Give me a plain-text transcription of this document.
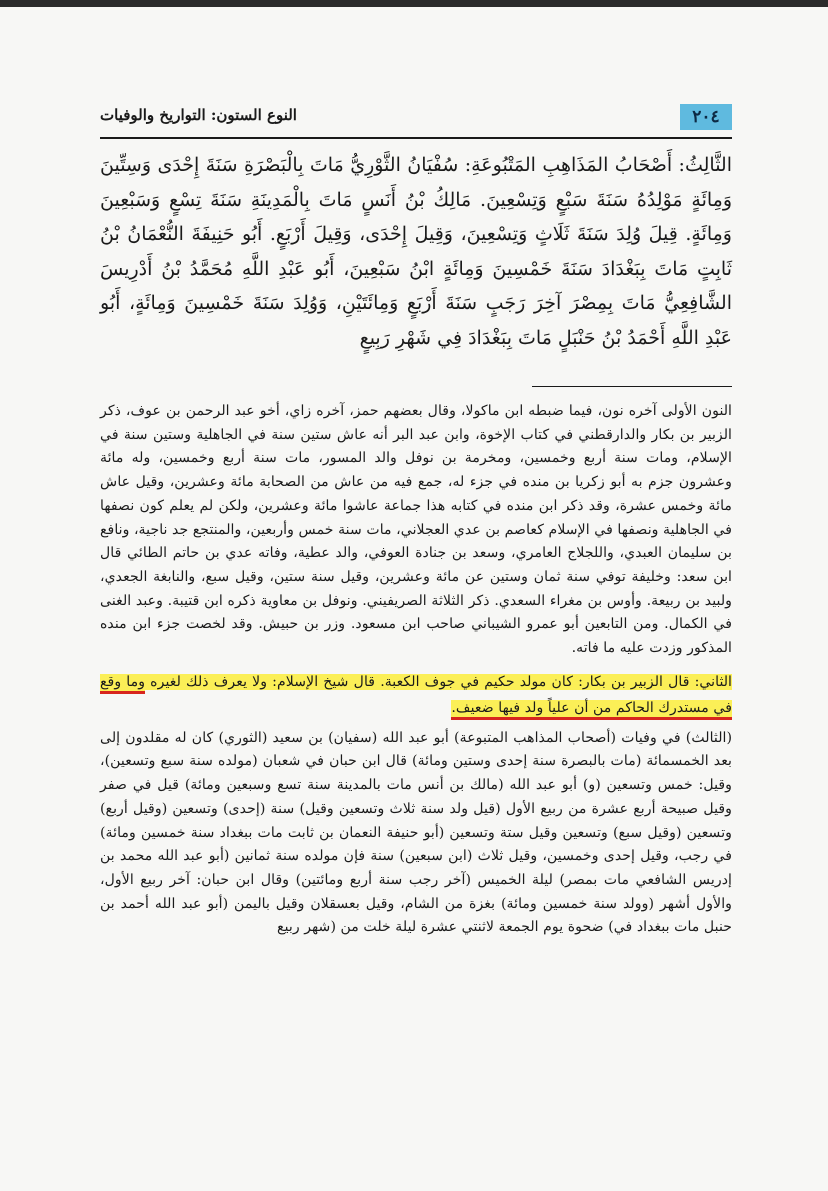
النوع الستون: التواريخ والوفيات	٢٠٤

الثَّالِثُ: أَصْحَابُ المَذَاهِبِ المَتْبُوعَةِ: سُفْيَانُ الثَّوْرِيُّ مَاتَ بِالْبَصْرَةِ سَنَةَ إِحْدَى وَسِتِّينَ وَمِائَةٍ مَوْلِدُهُ سَنَةَ سَبْعٍ وَتِسْعِينَ. مَالِكُ بْنُ أَنَسٍ مَاتَ بِالْمَدِينَةِ سَنَةَ تِسْعٍ وَسَبْعِينَ وَمِائَةٍ. قِيلَ وُلِدَ سَنَةَ ثَلَاثٍ وَتِسْعِينَ، وَقِيلَ إِحْدَى، وَقِيلَ أَرْبَعٍ. أَبُو حَنِيفَةَ النُّعْمَانُ بْنُ ثَابِتٍ مَاتَ بِبَغْدَادَ سَنَةَ خَمْسِينَ وَمِائَةٍ ابْنُ سَبْعِينَ، أَبُو عَبْدِ اللَّهِ مُحَمَّدُ بْنُ أَدْرِيسَ الشَّافِعِيُّ مَاتَ بِمِصْرَ آخِرَ رَجَبٍ سَنَةَ أَرْبَعٍ وَمِائَتَيْنِ، وَوُلِدَ سَنَةَ خَمْسِينَ وَمِائَةٍ، أَبُو عَبْدِ اللَّهِ أَحْمَدُ بْنُ حَنْبَلٍ مَاتَ بِبَغْدَادَ فِي شَهْرِ رَبِيعٍ

النون الأولى آخره نون، فيما ضبطه ابن ماكولا، وقال بعضهم حمز، آخره زاي، أخو عبد الرحمن بن عوف، ذكر الزبير بن بكار والدارقطني في كتاب الإخوة، وابن عبد البر أنه عاش ستين سنة في الجاهلية وستين سنة في الإسلام، ومات سنة أربع وخمسين، ومخرمة بن نوفل والد المسور، مات سنة أربع وخمسين، وله مائة وعشرون جزم به أبو زكريا بن منده في جزء له، جمع فيه من عاش من الصحابة مائة وعشرين، وقيل عاش مائة وخمس عشرة، وقد ذكر ابن منده في كتابه هذا جماعة عاشوا مائة وعشرين، ولكن لم يعلم كون نصفها في الجاهلية ونصفها في الإسلام كعاصم بن عدي العجلاني، مات سنة خمس وأربعين، والمنتجع جد ناجية، ونافع بن سليمان العبدي، واللجلاج العامري، وسعد بن جنادة العوفي، والد عطية، وفاته عدي بن حاتم الطائي قال ابن سعد: وخليفة توفي سنة ثمان وستين عن مائة وعشرين، وقيل سنة ستين، وقيل سبع، والنابغة الجعدي، ولبيد بن ربيعة. وأوس بن مغراء السعدي. ذكر الثلاثة الصريفيني. ونوفل بن معاوية ذكره ابن قتيبة. وعبد الغنى في الكمال. ومن التابعين أبو عمرو الشيباني صاحب ابن مسعود. وزر بن حبيش. وقد لخصت جزء ابن منده المذكور وزدت عليه ما فاته.

الثاني: قال الزبير بن بكار: كان مولد حكيم في جوف الكعبة. قال شيخ الإسلام: ولا يعرف ذلك لغيره وما وقع في مستدرك الحاكم من أن علياً ولد فيها ضعيف.

(الثالث) في وفيات (أصحاب المذاهب المتبوعة) أبو عبد الله (سفيان) بن سعيد (الثوري) كان له مقلدون إلى بعد الخمسمائة (مات بالبصرة سنة إحدى وستين ومائة) قال ابن حبان في شعبان (مولده سنة سبع وتسعين)، وقيل: خمس وتسعين (و) أبو عبد الله (مالك بن أنس مات بالمدينة سنة تسع وسبعين ومائة) قيل في صفر وقيل صبيحة أربع عشرة من ربيع الأول (قيل ولد سنة ثلاث وتسعين وقيل) سنة (إحدى) وتسعين (وقيل أربع) وتسعين (وقيل سبع) وتسعين وقيل ستة وتسعين (أبو حنيفة النعمان بن ثابت مات ببغداد سنة خمسين ومائة) في رجب، وقيل إحدى وخمسين، وقيل ثلاث (ابن سبعين) سنة فإن مولده سنة ثمانين (أبو عبد الله محمد بن إدريس الشافعي مات بمصر) ليلة الخميس (آخر رجب سنة أربع ومائتين) وقال ابن حبان: آخر ربيع الأول، والأول أشهر (وولد سنة خمسين ومائة) بغزة من الشام، وقيل بعسقلان وقيل باليمن (أبو عبد الله أحمد بن حنبل مات ببغداد في) ضحوة يوم الجمعة لاثنتي عشرة ليلة خلت من (شهر ربيع
